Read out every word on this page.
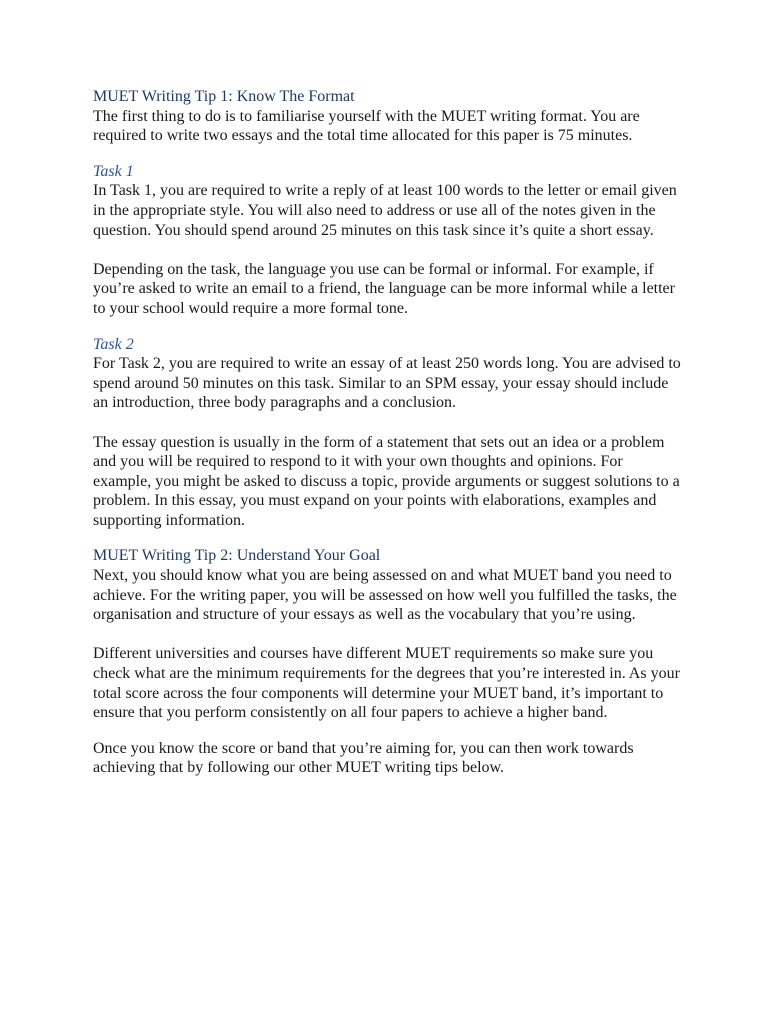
MUET Writing Tip 1: Know The Format

The first thing to do is to familiarise yourself with the MUET writing format. You are required to write two essays and the total time allocated for this paper is 75 minutes.

Task 1

In Task 1, you are required to write a reply of at least 100 words to the letter or email given in the appropriate style. You will also need to address or use all of the notes given in the question. You should spend around 25 minutes on this task since it’s quite a short essay.

Depending on the task, the language you use can be formal or informal. For example, if you’re asked to write an email to a friend, the language can be more informal while a letter to your school would require a more formal tone.

Task 2

For Task 2, you are required to write an essay of at least 250 words long. You are advised to spend around 50 minutes on this task. Similar to an SPM essay, your essay should include an introduction, three body paragraphs and a conclusion.

The essay question is usually in the form of a statement that sets out an idea or a problem and you will be required to respond to it with your own thoughts and opinions. For example, you might be asked to discuss a topic, provide arguments or suggest solutions to a problem. In this essay, you must expand on your points with elaborations, examples and supporting information.

MUET Writing Tip 2: Understand Your Goal

Next, you should know what you are being assessed on and what MUET band you need to achieve. For the writing paper, you will be assessed on how well you fulfilled the tasks, the organisation and structure of your essays as well as the vocabulary that you’re using.

Different universities and courses have different MUET requirements so make sure you check what are the minimum requirements for the degrees that you’re interested in. As your total score across the four components will determine your MUET band, it’s important to ensure that you perform consistently on all four papers to achieve a higher band.

Once you know the score or band that you’re aiming for, you can then work towards achieving that by following our other MUET writing tips below.
